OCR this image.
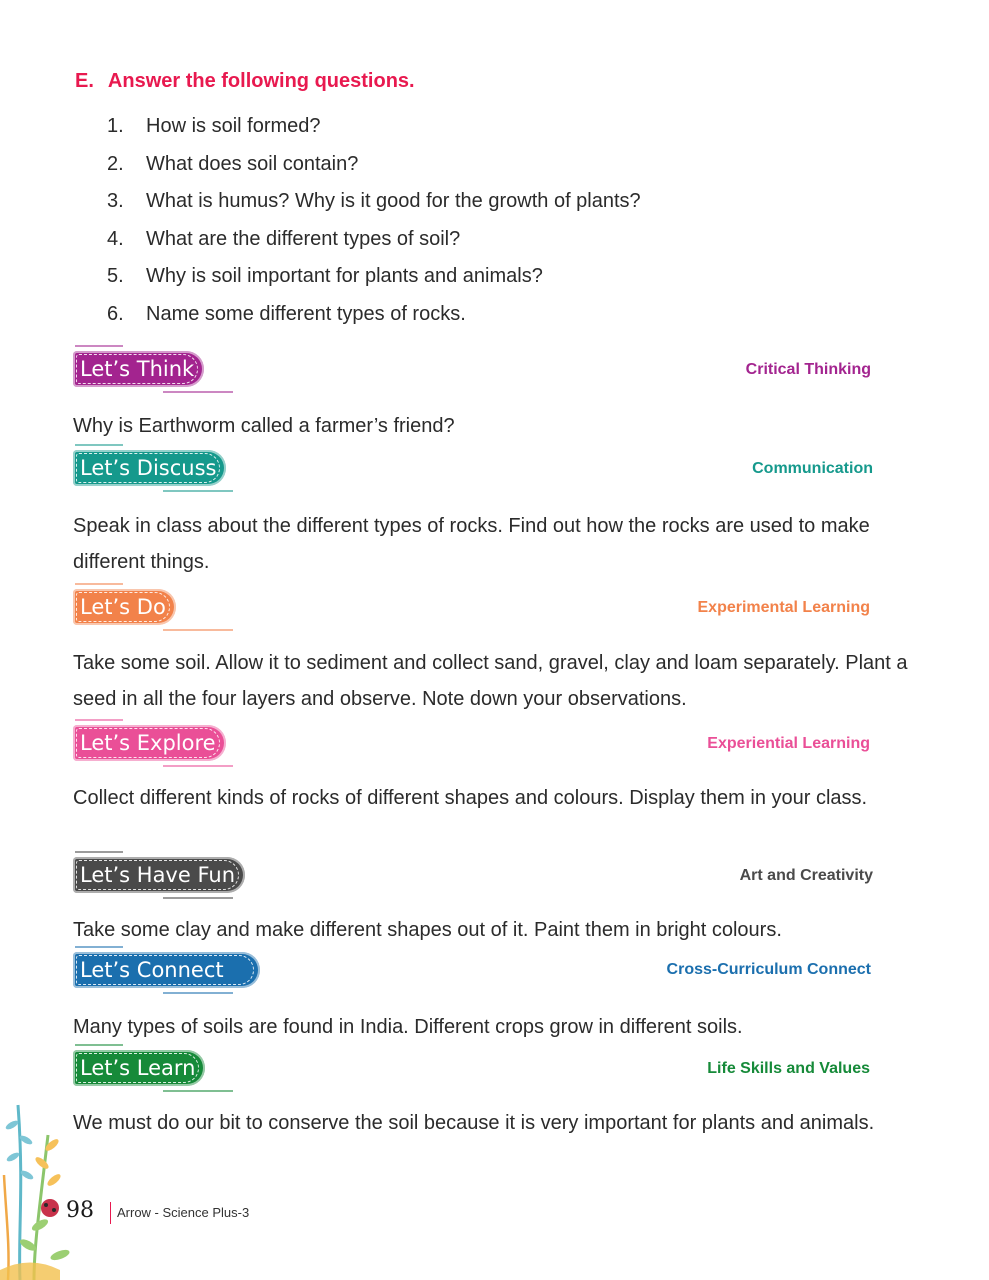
E. Answer the following questions.
1. How is soil formed?
2. What does soil contain?
3. What is humus? Why is it good for the growth of plants?
4. What are the different types of soil?
5. Why is soil important for plants and animals?
6. Name some different types of rocks.
Let’s Think	Critical Thinking

Why is Earthworm called a farmer’s friend?

Let’s Discuss	Communication

Speak in class about the different types of rocks. Find out how the rocks are used to make different things.

Let’s Do	Experimental Learning

Take some soil. Allow it to sediment and collect sand, gravel, clay and loam separately. Plant a seed in all the four layers and observe. Note down your observations.

Let’s Explore	Experiential Learning

Collect different kinds of rocks of different shapes and colours. Display them in your class.

Let’s Have Fun	Art and Creativity

Take some clay and make different shapes out of it. Paint them in bright colours.

Let’s Connect	Cross-Curriculum Connect

Many types of soils are found in India. Different crops grow in different soils.

Let’s Learn	Life Skills and Values

We must do our bit to conserve the soil because it is very important for plants and animals.

98 Arrow - Science Plus-3
